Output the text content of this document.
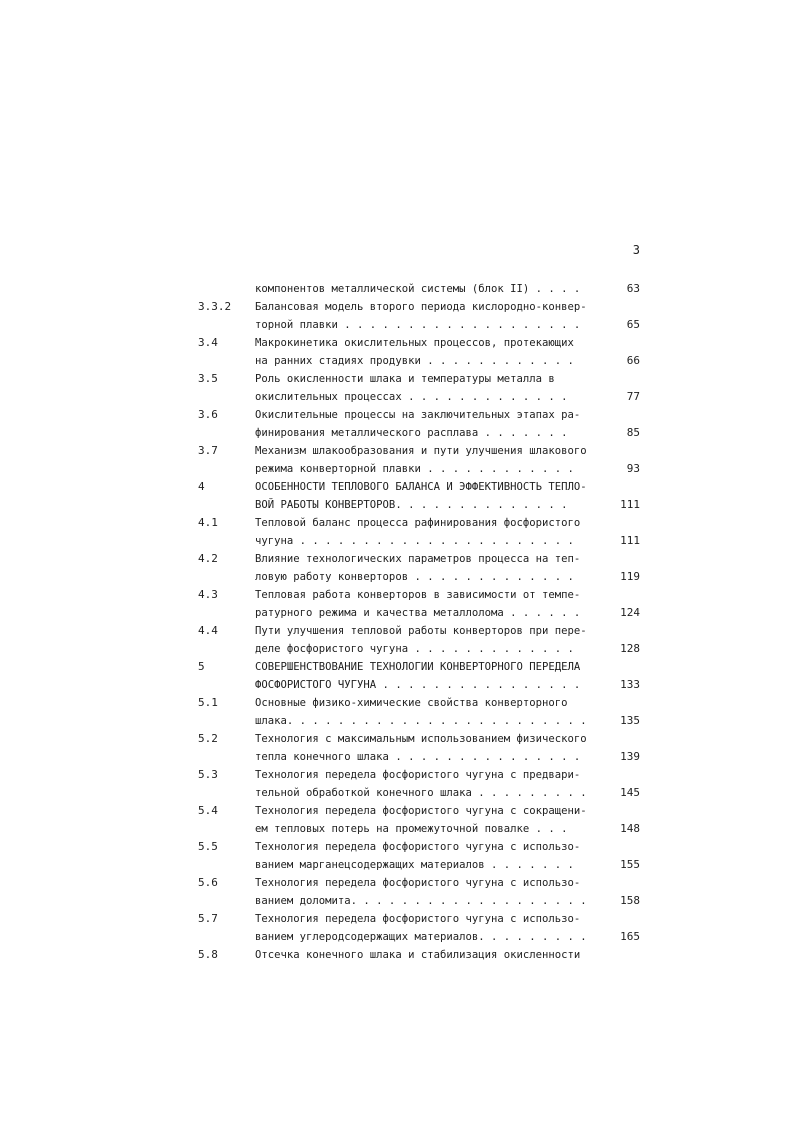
3
компонентов металлической системы (блок II) . . . .	63
3.3.2 Балансовая модель второго периода кислородно-конвер-
торной плавки . . . . . . . . . . . . . . . . . . .	65
3.4	Макрокинетика окислительных процессов, протекающих
на ранних стадиях продувки . . . . . . . . . . . .	66
3.5	Роль окисленности шлака и температуры металла в
окислительных процессах . . . . . . . . . . . . .	77
3.6	Окислительные процессы на заключительных этапах ра-
финирования металлического расплава . . . . . . .	85
3.7	Механизм шлакообразования и пути улучшения шлакового
режима конверторной плавки . . . . . . . . . . . .	93
4	ОСОБЕННОСТИ ТЕПЛОВОГО БАЛАНСА И ЭФФЕКТИВНОСТЬ ТЕПЛО-
ВОЙ РАБОТЫ КОНВЕРТОРОВ. . . . . . . . . . . . . .	111
4.1	Тепловой баланс процесса рафинирования фосфористого
чугуна . . . . . . . . . . . . . . . . . . . . . .	111
4.2	Влияние технологических параметров процесса на теп-
ловую работу конверторов . . . . . . . . . . . . .	119
4.3	Тепловая работа конверторов в зависимости от темпе-
ратурного режима и качества металлолома . . . . . .	124
4.4	Пути улучшения тепловой работы конверторов при пере-
деле фосфористого чугуна . . . . . . . . . . . . .	128
5	СОВЕРШЕНСТВОВАНИЕ ТЕХНОЛОГИИ КОНВЕРТОРНОГО ПЕРЕДЕЛА
ФОСФОРИСТОГО ЧУГУНА . . . . . . . . . . . . . . . .	133
5.1	Основные физико-химические свойства конверторного
шлака. . . . . . . . . . . . . . . . . . . . . . . .	135
5.2	Технология с максимальным использованием физического
тепла конечного шлака . . . . . . . . . . . . . . .	139
5.3	Технология передела фосфористого чугуна с предвари-
тельной обработкой конечного шлака . . . . . . . . .	145
5.4	Технология передела фосфористого чугуна с сокращени-
ем тепловых потерь на промежуточной повалке . . .	148
5.5	Технология передела фосфористого чугуна с использо-
ванием марганецсодержащих материалов . . . . . . .	155
5.6	Технология передела фосфористого чугуна с использо-
ванием доломита. . . . . . . . . . . . . . . . . . .	158
5.7	Технология передела фосфористого чугуна с использо-
ванием углеродсодержащих материалов. . . . . . . . .	165
5.8	Отсечка конечного шлака и стабилизация окисленности
